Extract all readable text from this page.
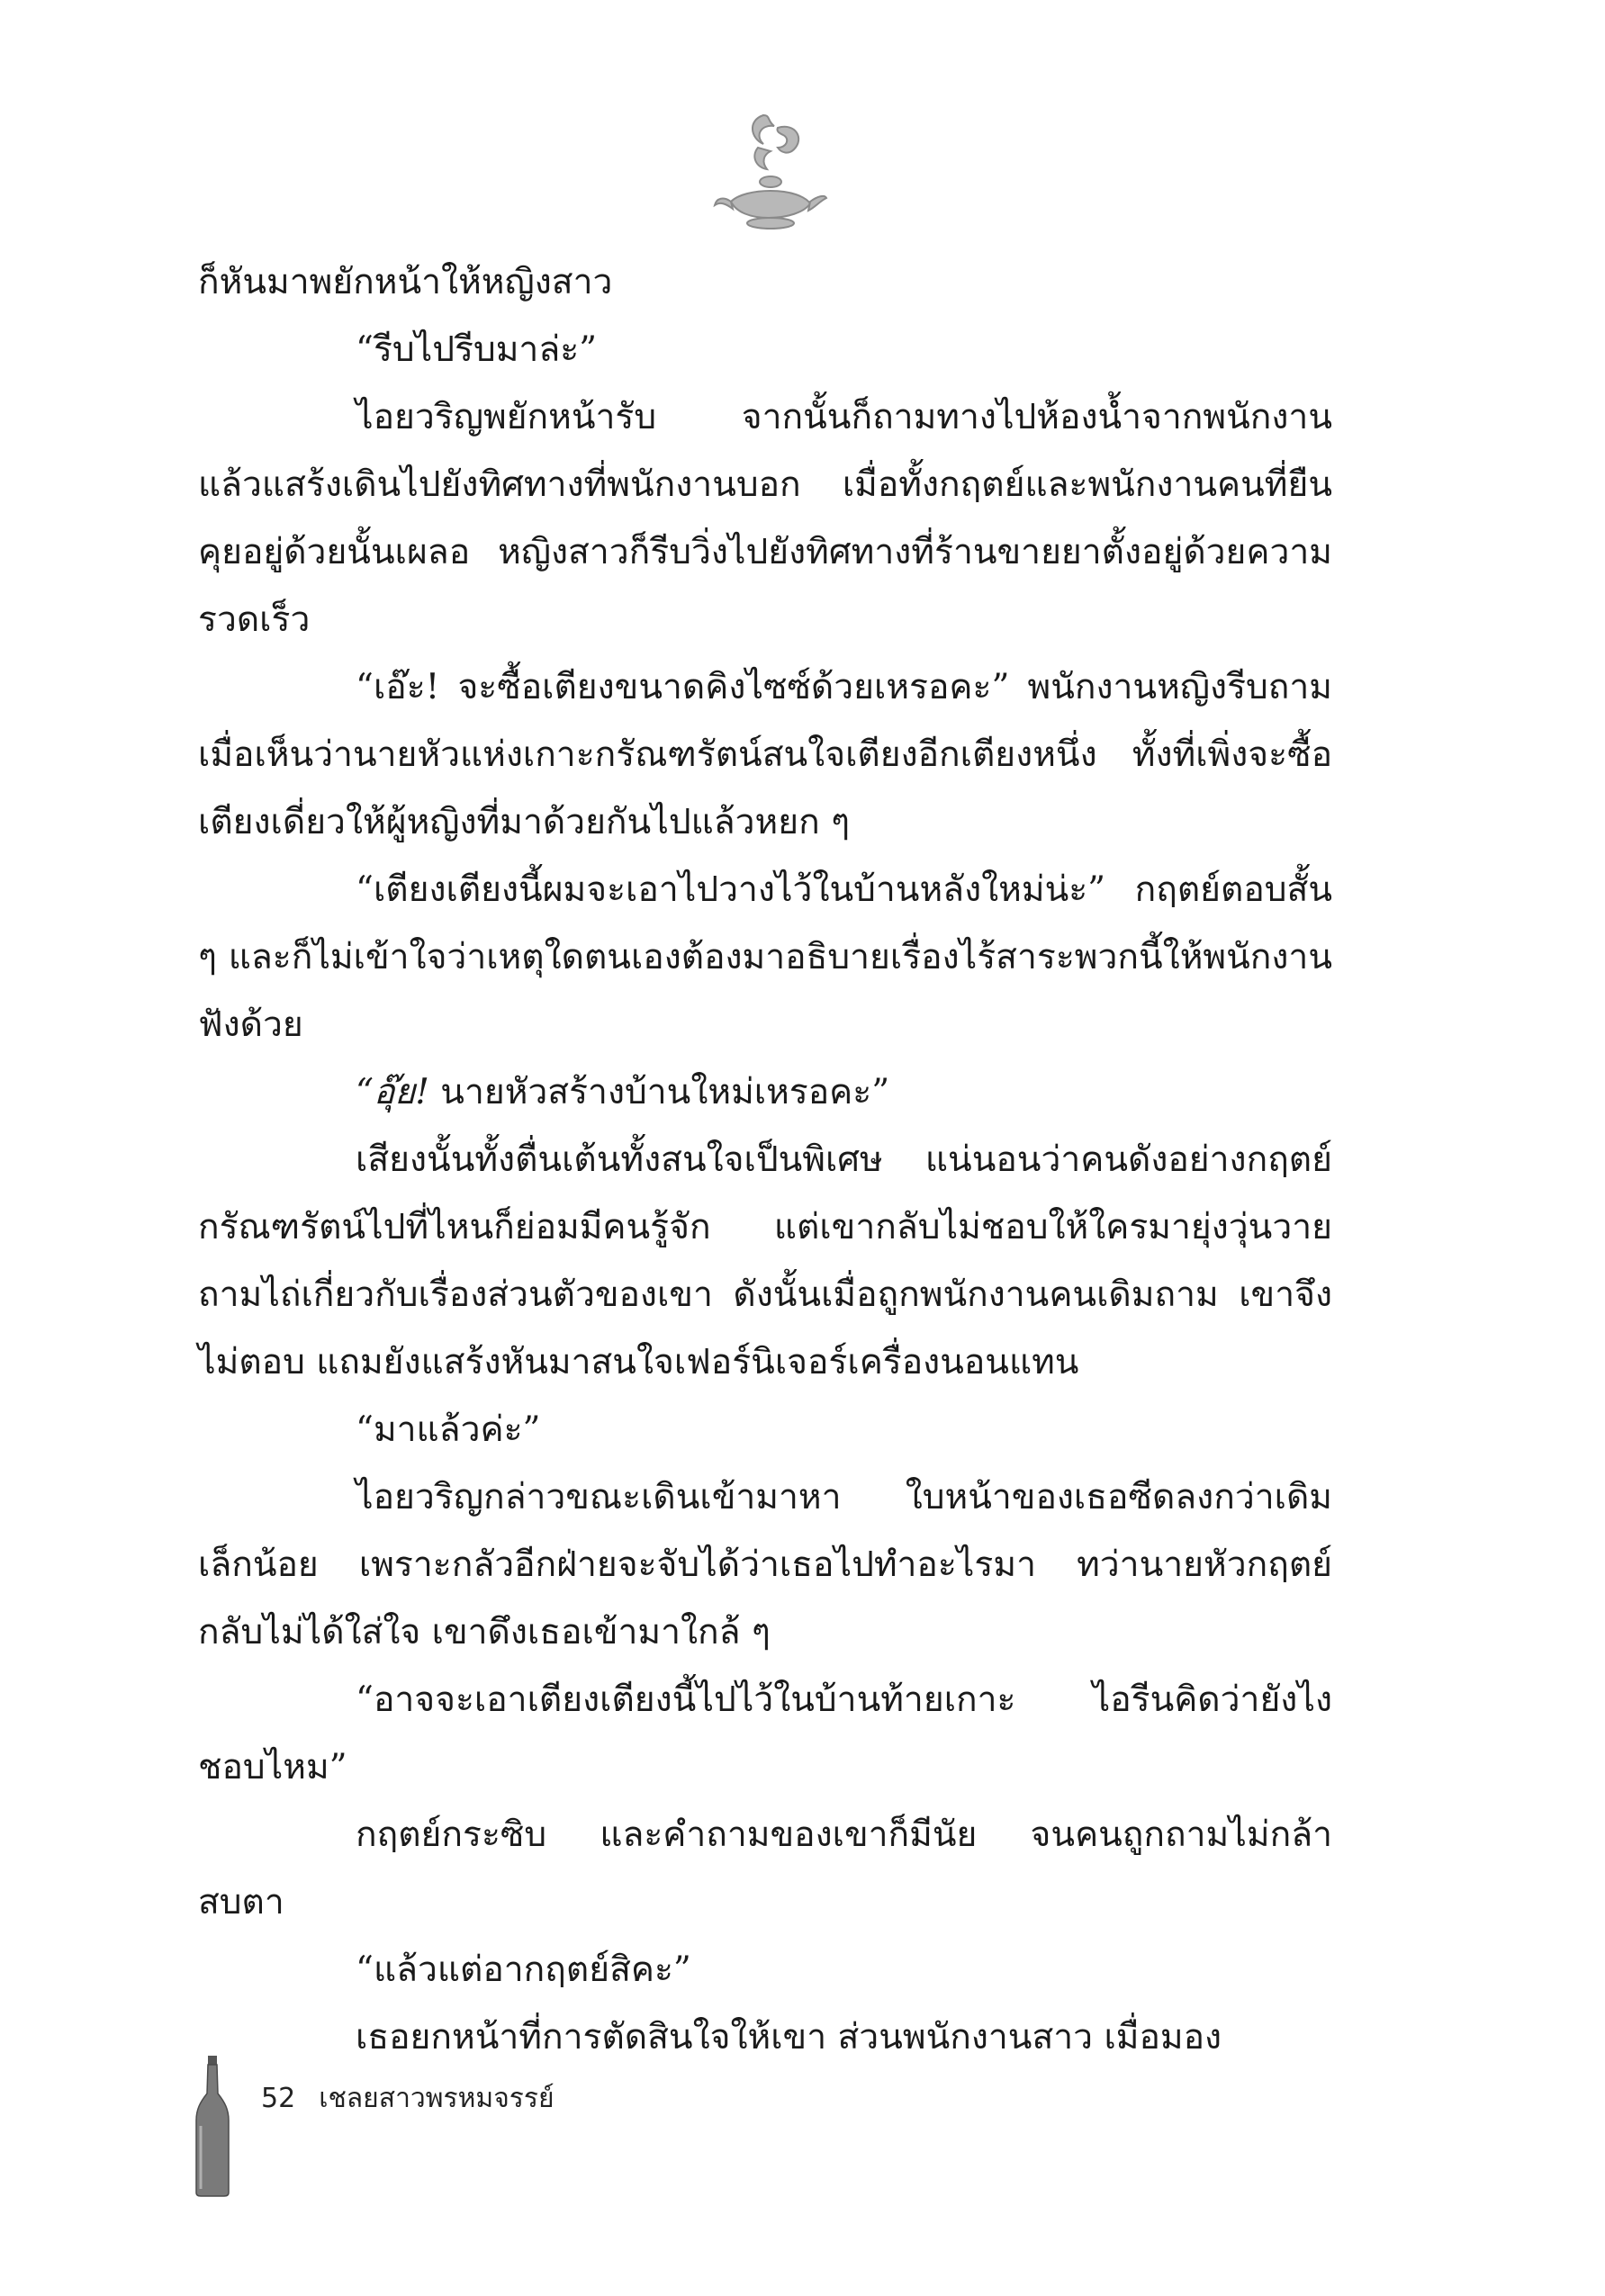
ก็หันมาพยักหน้าให้หญิงสาว

“รีบไปรีบมาล่ะ”

ไอยวริญพยักหน้ารับ จากนั้นก็ถามทางไปห้องน้ำจากพนักงาน แล้วแสร้งเดินไปยังทิศทางที่พนักงานบอก เมื่อทั้งกฤตย์และพนักงานคนที่ยืนคุยอยู่ด้วยนั้นเผลอ หญิงสาวก็รีบวิ่งไปยังทิศทางที่ร้านขายยาตั้งอยู่ด้วยความรวดเร็ว

“เอ๊ะ! จะซื้อเตียงขนาดคิงไซซ์ด้วยเหรอคะ” พนักงานหญิงรีบถาม เมื่อเห็นว่านายหัวแห่งเกาะกรัณฑรัตน์สนใจเตียงอีกเตียงหนึ่ง ทั้งที่เพิ่งจะซื้อเตียงเดี่ยวให้ผู้หญิงที่มาด้วยกันไปแล้วหยก ๆ

“เตียงเตียงนี้ผมจะเอาไปวางไว้ในบ้านหลังใหม่น่ะ” กฤตย์ตอบสั้น ๆ และก็ไม่เข้าใจว่าเหตุใดตนเองต้องมาอธิบายเรื่องไร้สาระพวกนี้ให้พนักงานฟังด้วย

“อุ๊ย! นายหัวสร้างบ้านใหม่เหรอคะ”

เสียงนั้นทั้งตื่นเต้นทั้งสนใจเป็นพิเศษ แน่นอนว่าคนดังอย่างกฤตย์ กรัณฑรัตน์ไปที่ไหนก็ย่อมมีคนรู้จัก แต่เขากลับไม่ชอบให้ใครมายุ่งวุ่นวายถามไถ่เกี่ยวกับเรื่องส่วนตัวของเขา ดังนั้นเมื่อถูกพนักงานคนเดิมถาม เขาจึงไม่ตอบ แถมยังแสร้งหันมาสนใจเฟอร์นิเจอร์เครื่องนอนแทน

“มาแล้วค่ะ”

ไอยวริญกล่าวขณะเดินเข้ามาหา ใบหน้าของเธอซีดลงกว่าเดิมเล็กน้อย เพราะกลัวอีกฝ่ายจะจับได้ว่าเธอไปทำอะไรมา ทว่านายหัวกฤตย์กลับไม่ได้ใส่ใจ เขาดึงเธอเข้ามาใกล้ ๆ

“อาจจะเอาเตียงเตียงนี้ไปไว้ในบ้านท้ายเกาะ ไอรีนคิดว่ายังไงชอบไหม”

กฤตย์กระซิบ และคำถามของเขาก็มีนัย จนคนถูกถามไม่กล้าสบตา

“แล้วแต่อากฤตย์สิคะ”

เธอยกหน้าที่การตัดสินใจให้เขา ส่วนพนักงานสาว เมื่อมอง

52 เชลยสาวพรหมจรรย์
